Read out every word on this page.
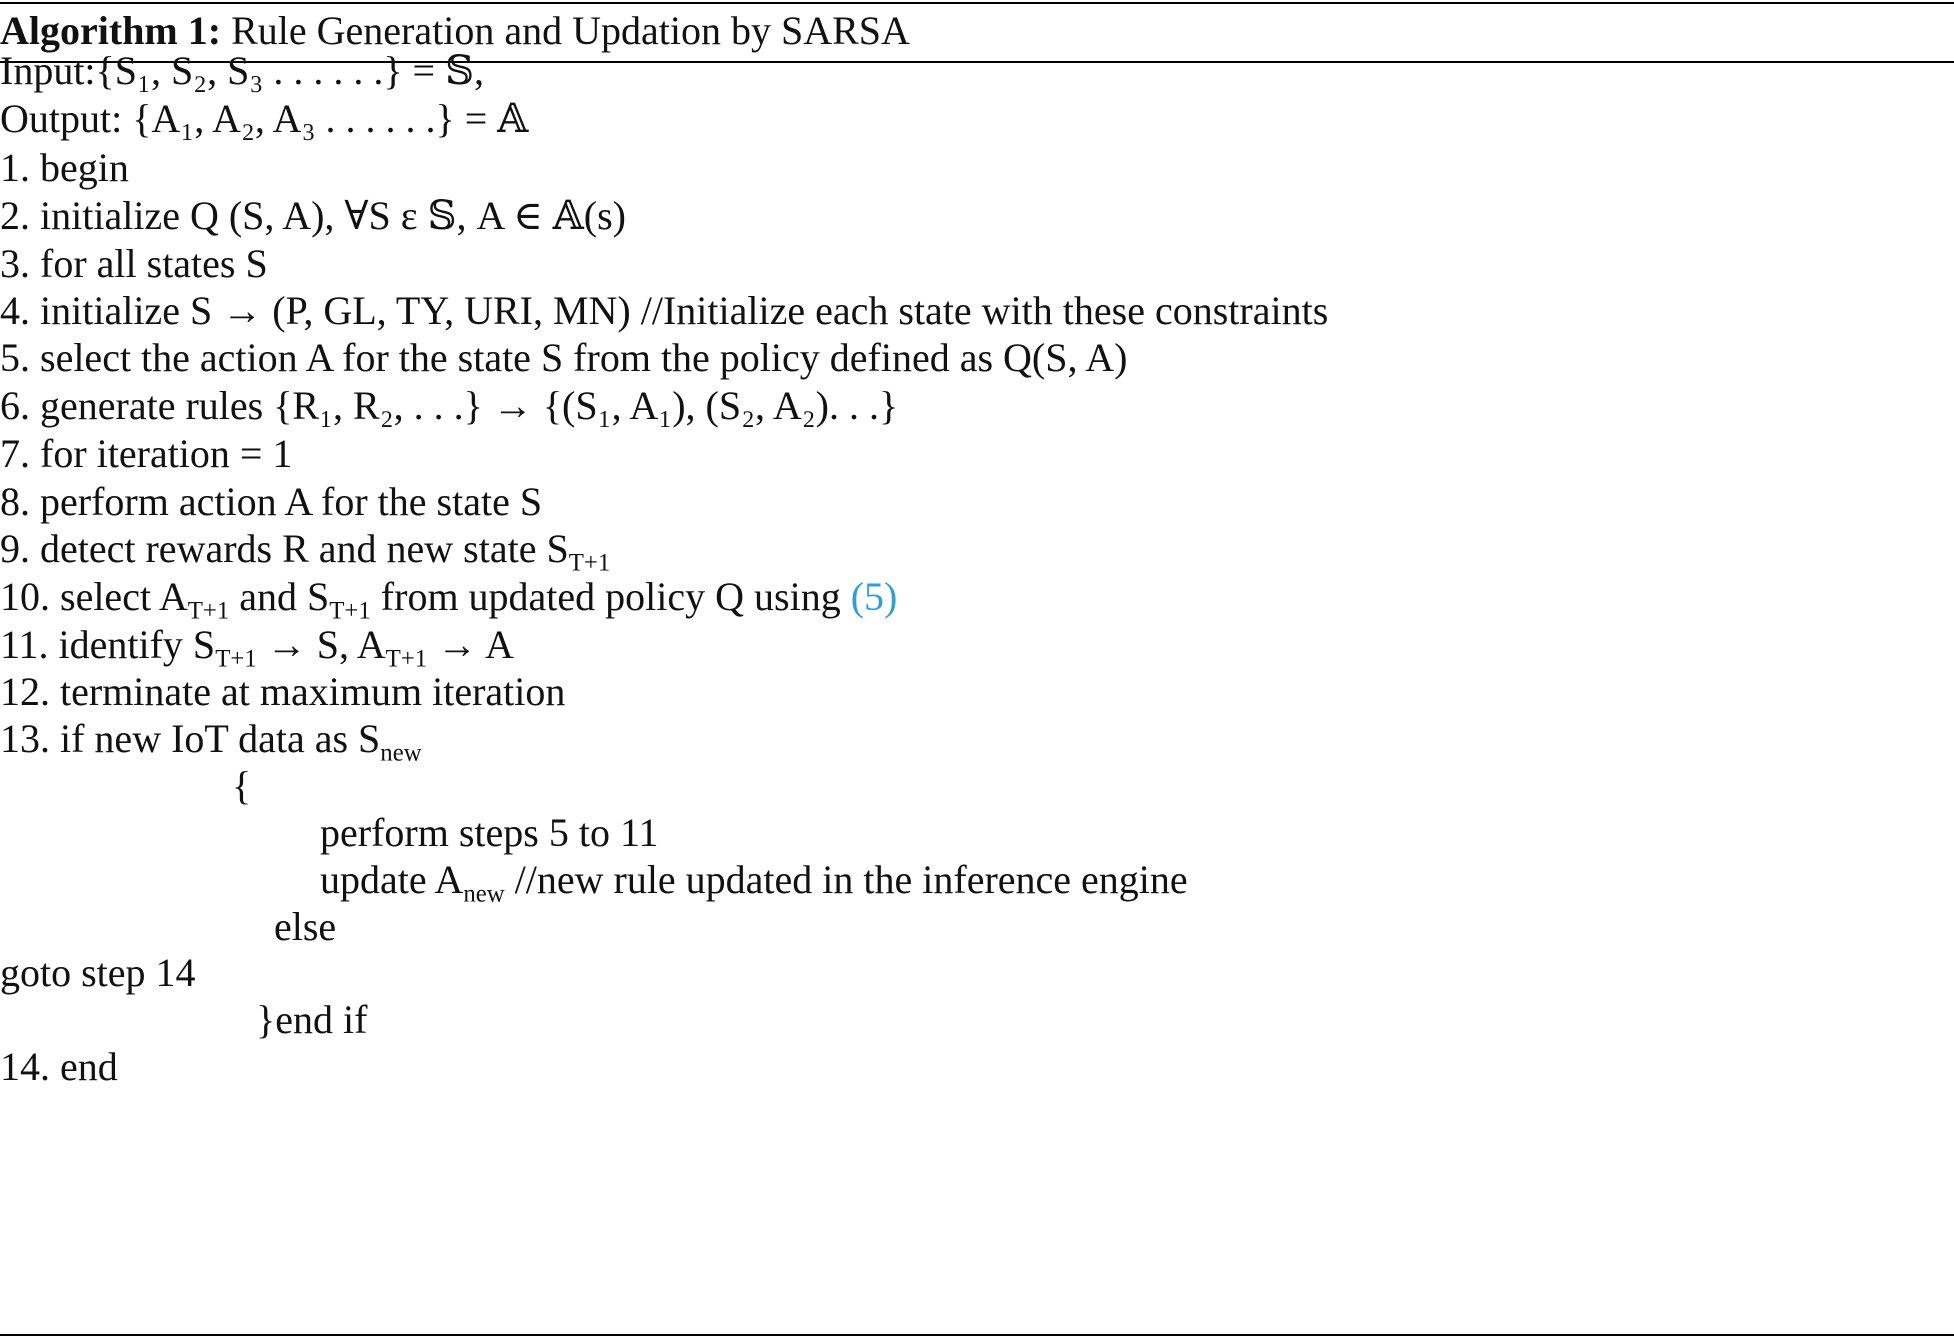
Algorithm 1: Rule Generation and Updation by SARSA
Input:{S₁, S₂, S₃ . . . . . .} = 𝕊,
Output: {A₁, A₂, A₃ . . . . . .} = 𝔸
1. begin
2. initialize Q (S, A), ∀S ε 𝕊, A ∈ 𝔸(s)
3. for all states S
4. initialize S → (P, GL, TY, URI, MN) //Initialize each state with these constraints
5. select the action A for the state S from the policy defined as Q(S, A)
6. generate rules {R₁, R₂, . . .} → {(S₁, A₁), (S₂, A₂). . .}
7. for iteration = 1
8. perform action A for the state S
9. detect rewards R and new state $S_{T+1}$
10. select $A_{T+1}$ and $S_{T+1}$ from updated policy Q using (5)
11. identify $S_{T+1} \to S$, $A_{T+1} \to A$
12. terminate at maximum iteration
13. if new IoT data as $S_{new}$
{
perform steps 5 to 11
update $A_{new}$ //new rule updated in the inference engine
else
goto step 14
}end if
14. end
